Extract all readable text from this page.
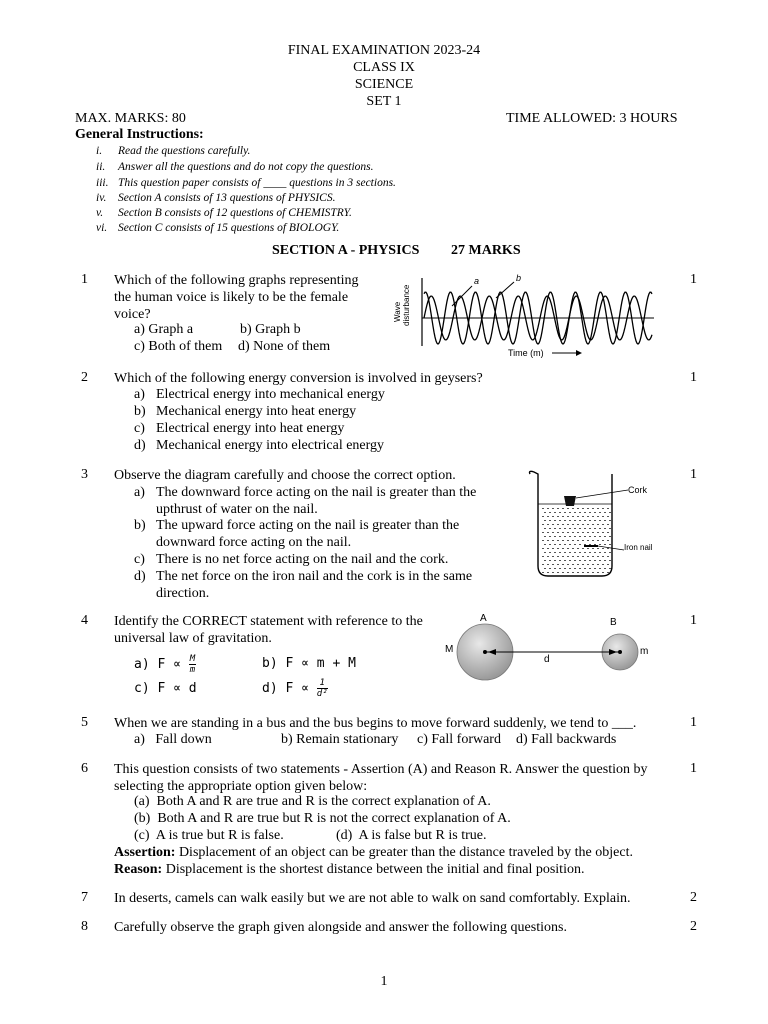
FINAL EXAMINATION 2023-24
CLASS IX
SCIENCE
SET 1
MAX. MARKS: 80	TIME ALLOWED: 3 HOURS
General Instructions:
i. Read the questions carefully.
ii. Answer all the questions and do not copy the questions.
iii. This question paper consists of ____ questions in 3 sections.
iv. Section A consists of 13 questions of PHYSICS.
v. Section B consists of 12 questions of CHEMISTRY.
vi. Section C consists of 15 questions of BIOLOGY.
SECTION A - PHYSICS 27 MARKS
1	1
Which of the following graphs representing
the human voice is likely to be the female
voice?
a) Graph a	b) Graph b
c) Both of them d) None of them
Wave disturbance
a	b
Time (m)
2	1
Which of the following energy conversion is involved in geysers?
a) Electrical energy into mechanical energy
b) Mechanical energy into heat energy
c) Electrical energy into heat energy
d) Mechanical energy into electrical energy
3	1
Observe the diagram carefully and choose the correct option.
a) The downward force acting on the nail is greater than the
upthrust of water on the nail.
b) The upward force acting on the nail is greater than the
downward force acting on the nail.
c) There is no net force acting on the nail and the cork.
d) The net force on the iron nail and the cork is in the same
direction.
Cork
Iron nail
4	1
Identify the CORRECT statement with reference to the
universal law of gravitation.
a) $F \propto \frac{M}{m}$	b) F ∝ m + M
c) F ∝ d	d) $F \propto \frac{1}{\text{d²}}$
A	B
M	m
d
5	1
When we are standing in a bus and the bus begins to move forward suddenly, we tend to ___.
a)   Fall down	b) Remain stationary c) Fall forward d) Fall backwards
6	1
This question consists of two statements - Assertion (A) and Reason R. Answer the question by
selecting the appropriate option given below:
(a)  Both A and R are true and R is the correct explanation of A.
(b)  Both A and R are true but R is not the correct explanation of A.
(c)  A is true but R is false.	(d)  A is false but R is true.
Assertion: Displacement of an object can be greater than the distance traveled by the object.
Reason: Displacement is the shortest distance between the initial and final position.
7	2
In deserts, camels can walk easily but we are not able to walk on sand comfortably. Explain.
8	2
Carefully observe the graph given alongside and answer the following questions.
1
